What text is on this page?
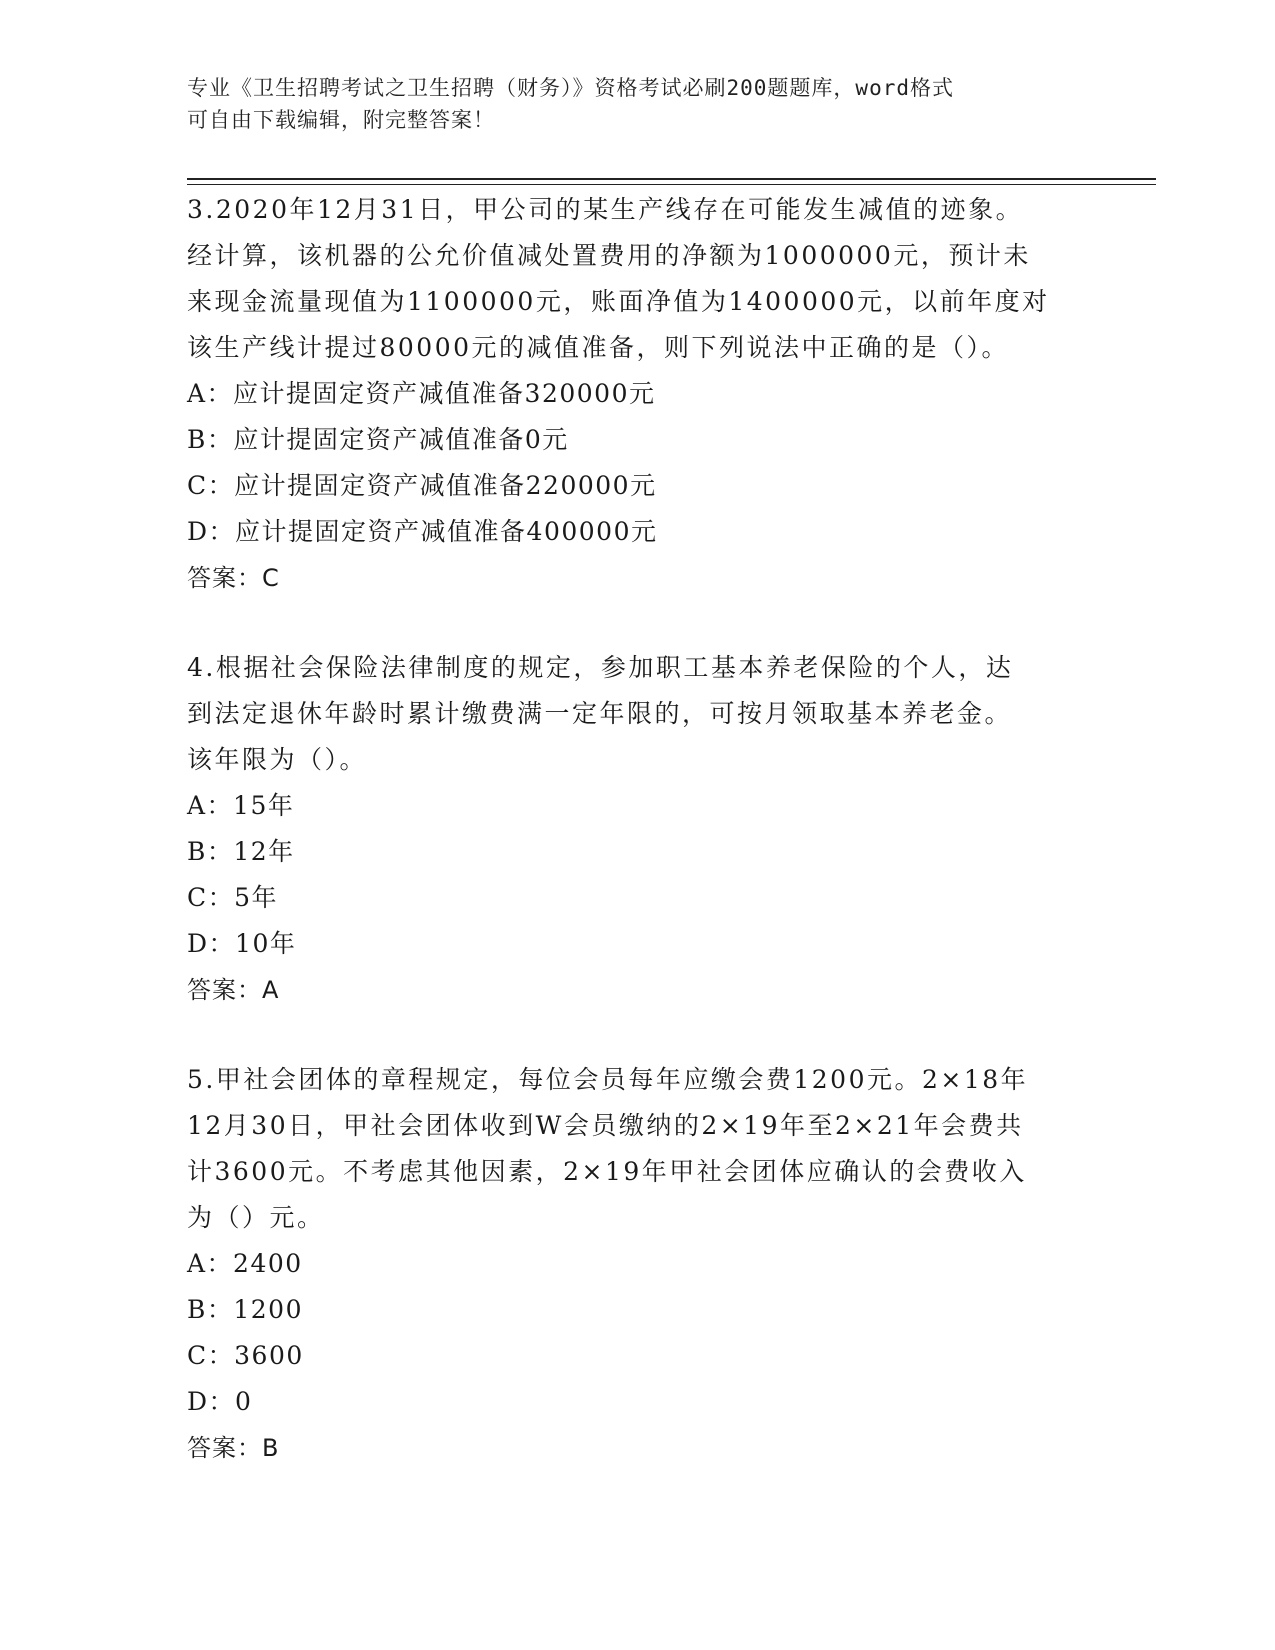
专业《卫生招聘考试之卫生招聘（财务）》资格考试必刷200题题库，word格式
可自由下载编辑，附完整答案！
3.2020年12月31日，甲公司的某生产线存在可能发生减值的迹象。
经计算，该机器的公允价值减处置费用的净额为1000000元，预计未
来现金流量现值为1100000元，账面净值为1400000元，以前年度对
该生产线计提过80000元的减值准备，则下列说法中正确的是（）。
A：应计提固定资产减值准备320000元
B：应计提固定资产减值准备0元
C：应计提固定资产减值准备220000元
D：应计提固定资产减值准备400000元
答案：C
4.根据社会保险法律制度的规定，参加职工基本养老保险的个人，达
到法定退休年龄时累计缴费满一定年限的，可按月领取基本养老金。
该年限为（）。
A：15年
B：12年
C：5年
D：10年
答案：A
5.甲社会团体的章程规定，每位会员每年应缴会费1200元。2×18年
12月30日，甲社会团体收到W会员缴纳的2×19年至2×21年会费共
计3600元。不考虑其他因素，2×19年甲社会团体应确认的会费收入
为（）元。
A：2400
B：1200
C：3600
D：0
答案：B
